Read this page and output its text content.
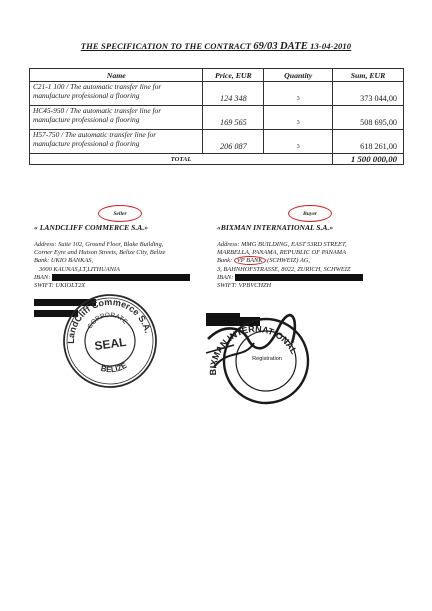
THE SPECIFICATION TO THE CONTRACT 69/03 DATE 13-04-2010
Name	Price, EUR	Quantity	Sum, EUR

C21-1 100 / The automatic transfer line for
manufacture professional a flooring	124 348	3	373 044,00

HC45-950 / The automatic transfer line for
manufacture professional a flooring	169 565	3	508 695,00

H57-750 / The automatic transfer line for
manufacture professional a flooring	206 087	3	618 261,00
TOTAL			1 500 000,00
Seller
« LANDCLIFF COMMERCE S.A.»
Address: Suite 102, Ground Floor, Blake Building,
Corner Eyre and Hutson Streets, Belize City, Belize
Bank: UKIO BANKAS,
3000 KAUNAS,LT,LITHUANIA
IBAN:
SWIFT: UKIOLT2X
Buyer
«BIXMAN INTERNATIONAL S.A.»
Address: MMG BUILDING, EAST 53RD STREET,
MARBELLA, PANAMA, REPUBLIC OF PANAMA
Bank: VP BANK (SCHWEIZ) AG,
3, BAHNHOFSTRASSE, 8022, ZURICH, SCHWEIZ
IBAN:
SWIFT: VPBVCHZH
LandCliff Commerce S.A.
CORPORATE
SEAL
BELIZE
BIXMAN INTERNATIONAL
Registration
